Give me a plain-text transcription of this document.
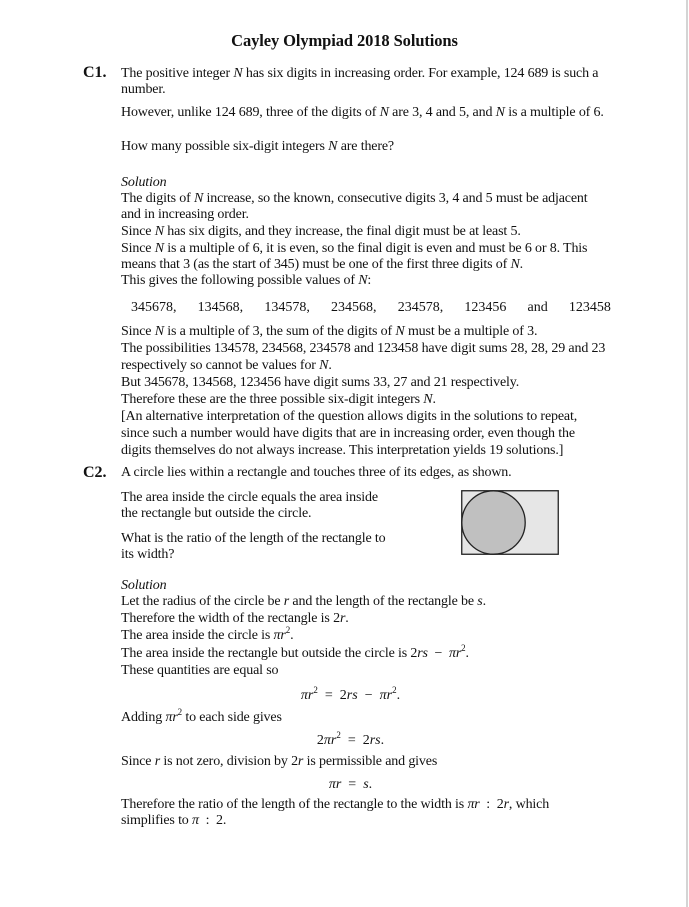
Cayley Olympiad 2018 Solutions
C1. The positive integer N has six digits in increasing order. For example, 124 689 is such a
number.
However, unlike 124 689, three of the digits of N are 3, 4 and 5, and N is a multiple of 6.
How many possible six-digit integers N are there?
Solution
The digits of N increase, so the known, consecutive digits 3, 4 and 5 must be adjacent
and in increasing order.
Since N has six digits, and they increase, the final digit must be at least 5.
Since N is a multiple of 6, it is even, so the final digit is even and must be 6 or 8. This
means that 3 (as the start of 345) must be one of the first three digits of N.
This gives the following possible values of N:
345678, 134568, 134578, 234568, 234578, 123456 and 123458
Since N is a multiple of 3, the sum of the digits of N must be a multiple of 3.
The possibilities 134578, 234568, 234578 and 123458 have digit sums 28, 28, 29 and 23
respectively so cannot be values for N.
But 345678, 134568, 123456 have digit sums 33, 27 and 21 respectively.
Therefore these are the three possible six-digit integers N.
[An alternative interpretation of the question allows digits in the solutions to repeat,
since such a number would have digits that are in increasing order, even though the
digits themselves do not always increase. This interpretation yields 19 solutions.]
C2. A circle lies within a rectangle and touches three of its edges, as shown.
The area inside the circle equals the area inside
the rectangle but outside the circle.
What is the ratio of the length of the rectangle to
its width?
Solution
Let the radius of the circle be r and the length of the rectangle be s.
Therefore the width of the rectangle is 2r.
The area inside the circle is $\pi r^2$.
The area inside the rectangle but outside the circle is $2rs - \pi r^2$.
These quantities are equal so
$\pi r^2 = 2rs - \pi r^2$.
Adding $\pi r^2$ to each side gives
$2\pi r^2 = 2rs$.
Since r is not zero, division by 2r is permissible and gives
πr  =  s.
Therefore the ratio of the length of the rectangle to the width is πr  :  2r, which
simplifies to π  :  2.
